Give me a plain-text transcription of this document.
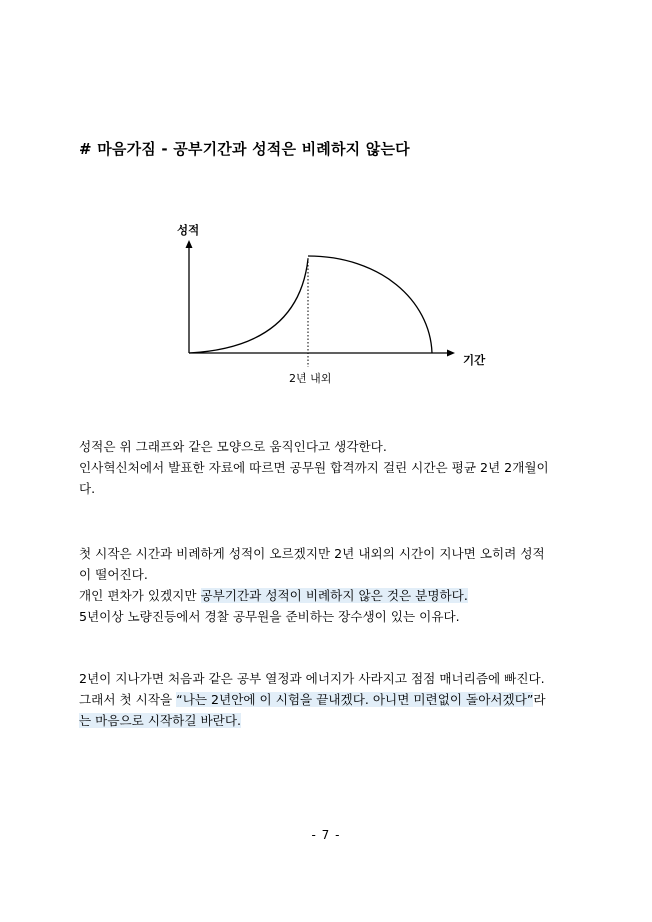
# 마음가짐 - 공부기간과 성적은 비례하지 않는다
성적
기간
2년 내외
성적은 위 그래프와 같은 모양으로 움직인다고 생각한다.
인사혁신처에서 발표한 자료에 따르면 공무원 합격까지 걸린 시간은 평균 2년 2개월이
다.
첫 시작은 시간과 비례하게 성적이 오르겠지만 2년 내외의 시간이 지나면 오히려 성적
이 떨어진다.
개인 편차가 있겠지만 공부기간과 성적이 비례하지 않은 것은 분명하다.
5년이상 노량진등에서 경찰 공무원을 준비하는 장수생이 있는 이유다.
2년이 지나가면 처음과 같은 공부 열정과 에너지가 사라지고 점점 매너리즘에 빠진다.
그래서 첫 시작을 “나는 2년안에 이 시험을 끝내겠다. 아니면 미련없이 돌아서겠다”라
는 마음으로 시작하길 바란다.
- 7 -
